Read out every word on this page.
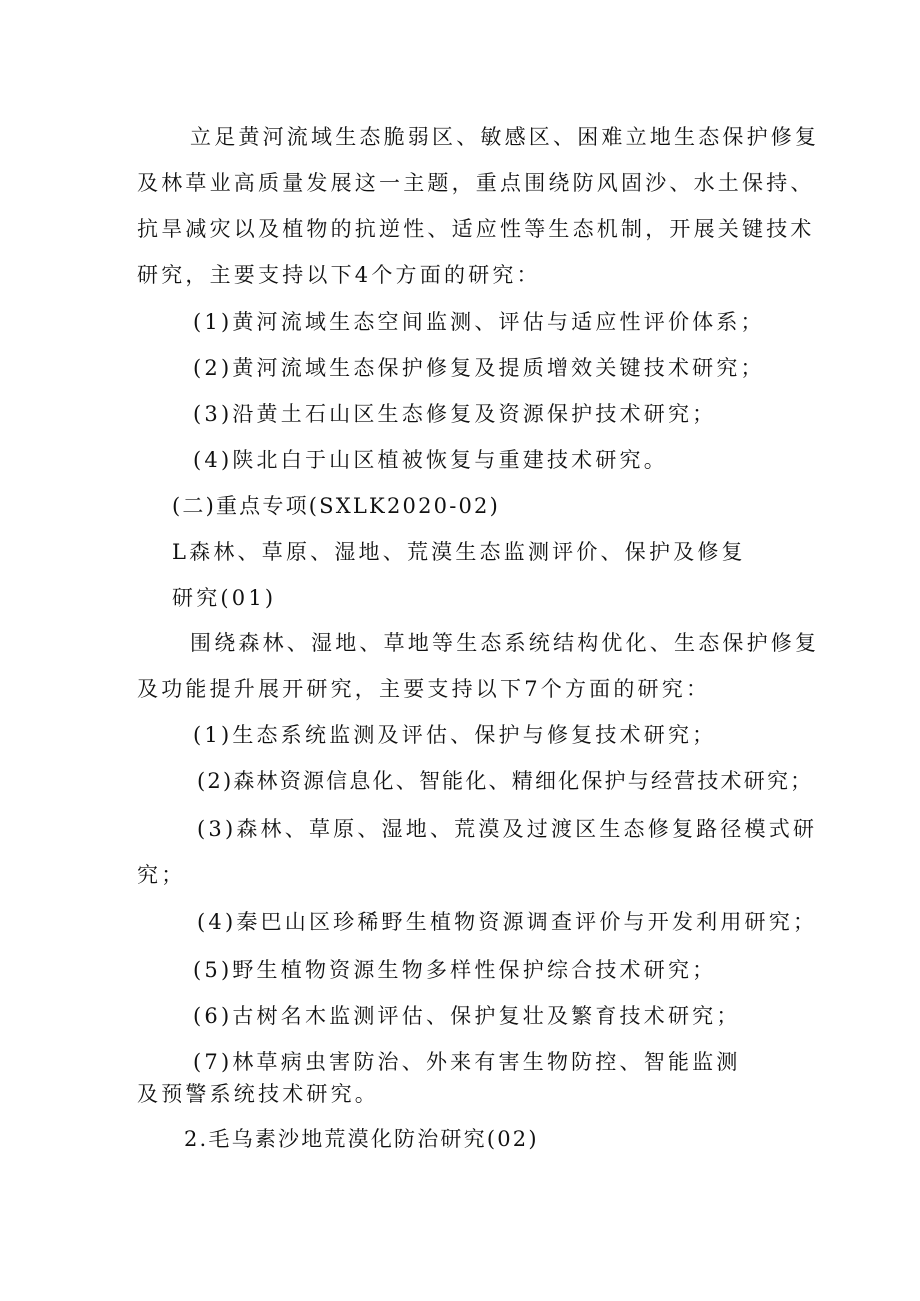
立足黄河流域生态脆弱区、敏感区、困难立地生态保护修复

及林草业高质量发展这一主题，重点围绕防风固沙、水土保持、

抗旱减灾以及植物的抗逆性、适应性等生态机制，开展关键技术

研究，主要支持以下4个方面的研究：

(1)黄河流域生态空间监测、评估与适应性评价体系；

(2)黄河流域生态保护修复及提质增效关键技术研究；

(3)沿黄土石山区生态修复及资源保护技术研究；

(4)陕北白于山区植被恢复与重建技术研究。

(二)重点专项(SXLK2020-02)

L森林、草原、湿地、荒漠生态监测评价、保护及修复

研究(01)

围绕森林、湿地、草地等生态系统结构优化、生态保护修复

及功能提升展开研究，主要支持以下7个方面的研究：

(1)生态系统监测及评估、保护与修复技术研究；

(2)森林资源信息化、智能化、精细化保护与经营技术研究；

(3)森林、草原、湿地、荒漠及过渡区生态修复路径模式研

究；

(4)秦巴山区珍稀野生植物资源调查评价与开发利用研究；

(5)野生植物资源生物多样性保护综合技术研究；

(6)古树名木监测评估、保护复壮及繁育技术研究；

(7)林草病虫害防治、外来有害生物防控、智能监测

及预警系统技术研究。

2.毛乌素沙地荒漠化防治研究(02)
